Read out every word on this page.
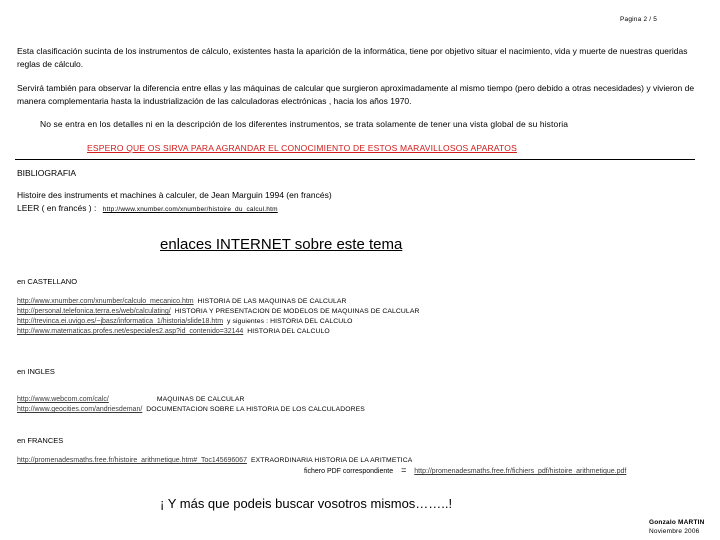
Pagina 2 / 5
Esta clasificación sucinta de los instrumentos de cálculo, existentes hasta la aparición de la informática, tiene por objetivo situar el nacimiento, vida y muerte de nuestras queridas reglas de cálculo.
Servirá también para observar la diferencia entre ellas y las máquinas de calcular que surgieron aproximadamente al mismo tiempo (pero debido a otras necesidades) y vivieron de manera complementaria hasta la industrialización de las calculadoras electrónicas , hacia los años 1970.
No se entra en los detalles ni en la descripción de los diferentes instrumentos, se trata solamente de tener una vista global de su historia
ESPERO QUE OS SIRVA PARA AGRANDAR EL CONOCIMIENTO DE ESTOS MARAVILLOSOS APARATOS
BIBLIOGRAFIA
Histoire des instruments et machines à calculer, de Jean Marguin 1994 (en francés)
LEER ( en francés ) : http://www.xnumber.com/xnumber/histoire_du_calcul.htm
enlaces INTERNET sobre este tema
en CASTELLANO
http://www.xnumber.com/xnumber/calculo_mecanico.htm HISTORIA DE LAS MAQUINAS DE CALCULAR
http://personal.telefonica.terra.es/web/calculating/ HISTORIA Y PRESENTACION DE MODELOS DE MAQUINAS DE CALCULAR
http://trevinca.ei.uvigo.es/~jbasz/informatica_1/historia/slide18.htm y siguientes : HISTORIA DEL CALCULO
http://www.matematicas.profes.net/especiales2.asp?id_contenido=32144 HISTORIA DEL CALCULO
en INGLES
http://www.webcom.com/calc/	MAQUINAS DE CALCULAR
http://www.geocities.com/andriesdeman/ DOCUMENTACION SOBRE LA HISTORIA DE LOS CALCULADORES
en FRANCES
http://promenadesmaths.free.fr/histoire_arithmetique.htm#_Toc145696067 EXTRAORDINARIA HISTORIA DE LA ARITMETICA
fichero PDF correspondiente = http://promenadesmaths.free.fr/fichiers_pdf/histoire_arithmetique.pdf
¡ Y más que podeis buscar vosotros mismos……..!
Gonzalo MARTIN
Noviembre 2006
